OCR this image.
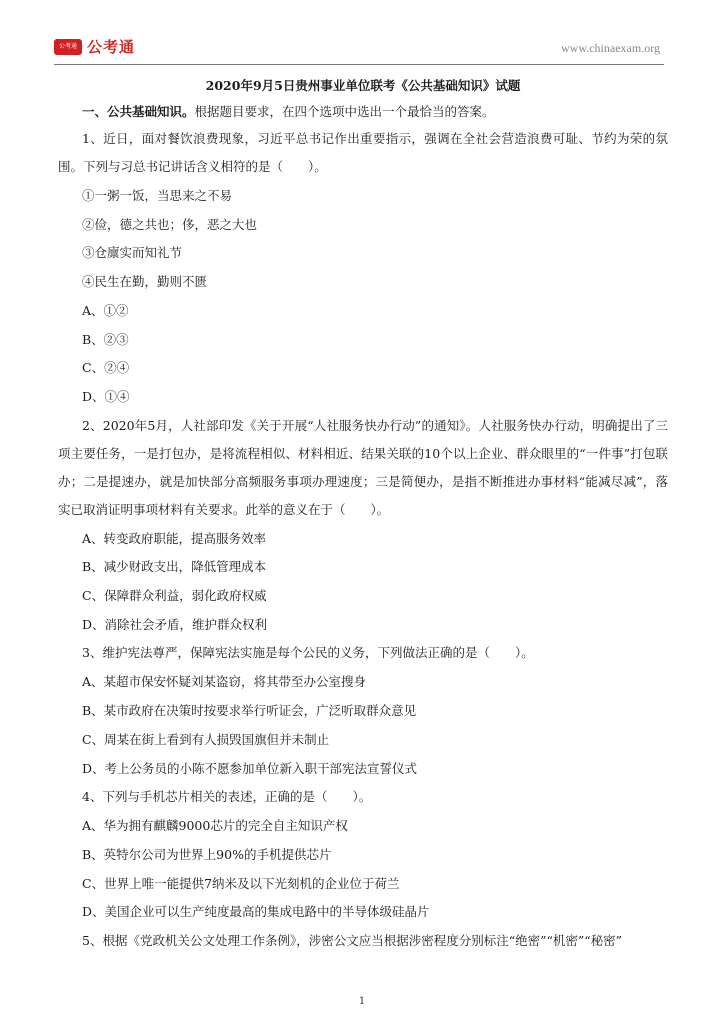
公考通 公考通	www.chinaexam.org
2020年9月5日贵州事业单位联考《公共基础知识》试题
一、公共基础知识。根据题目要求，在四个选项中选出一个最恰当的答案。
1、近日，面对餐饮浪费现象，习近平总书记作出重要指示，强调在全社会营造浪费可耻、节约为荣的氛围。下列与习总书记讲话含义相符的是（　　）。
①一粥一饭，当思来之不易
②俭，德之共也；侈，恶之大也
③仓廪实而知礼节
④民生在勤，勤则不匮
A、①②
B、②③
C、②④
D、①④
2、2020年5月，人社部印发《关于开展“人社服务快办行动”的通知》。人社服务快办行动，明确提出了三项主要任务，一是打包办，是将流程相似、材料相近、结果关联的10个以上企业、群众眼里的“一件事”打包联办；二是提速办，就是加快部分高频服务事项办理速度；三是简便办，是指不断推进办事材料“能减尽减”，落实已取消证明事项材料有关要求。此举的意义在于（　　）。
A、转变政府职能，提高服务效率
B、减少财政支出，降低管理成本
C、保障群众利益，弱化政府权威
D、消除社会矛盾，维护群众权利
3、维护宪法尊严，保障宪法实施是每个公民的义务，下列做法正确的是（　　）。
A、某超市保安怀疑刘某盗窃，将其带至办公室搜身
B、某市政府在决策时按要求举行听证会，广泛听取群众意见
C、周某在街上看到有人损毁国旗但并未制止
D、考上公务员的小陈不愿参加单位新入职干部宪法宣誓仪式
4、下列与手机芯片相关的表述，正确的是（　　）。
A、华为拥有麒麟9000芯片的完全自主知识产权
B、英特尔公司为世界上90%的手机提供芯片
C、世界上唯一能提供7纳米及以下光刻机的企业位于荷兰
D、美国企业可以生产纯度最高的集成电路中的半导体级硅晶片
5、根据《党政机关公文处理工作条例》，涉密公文应当根据涉密程度分别标注“绝密”“机密”“秘密”
1
